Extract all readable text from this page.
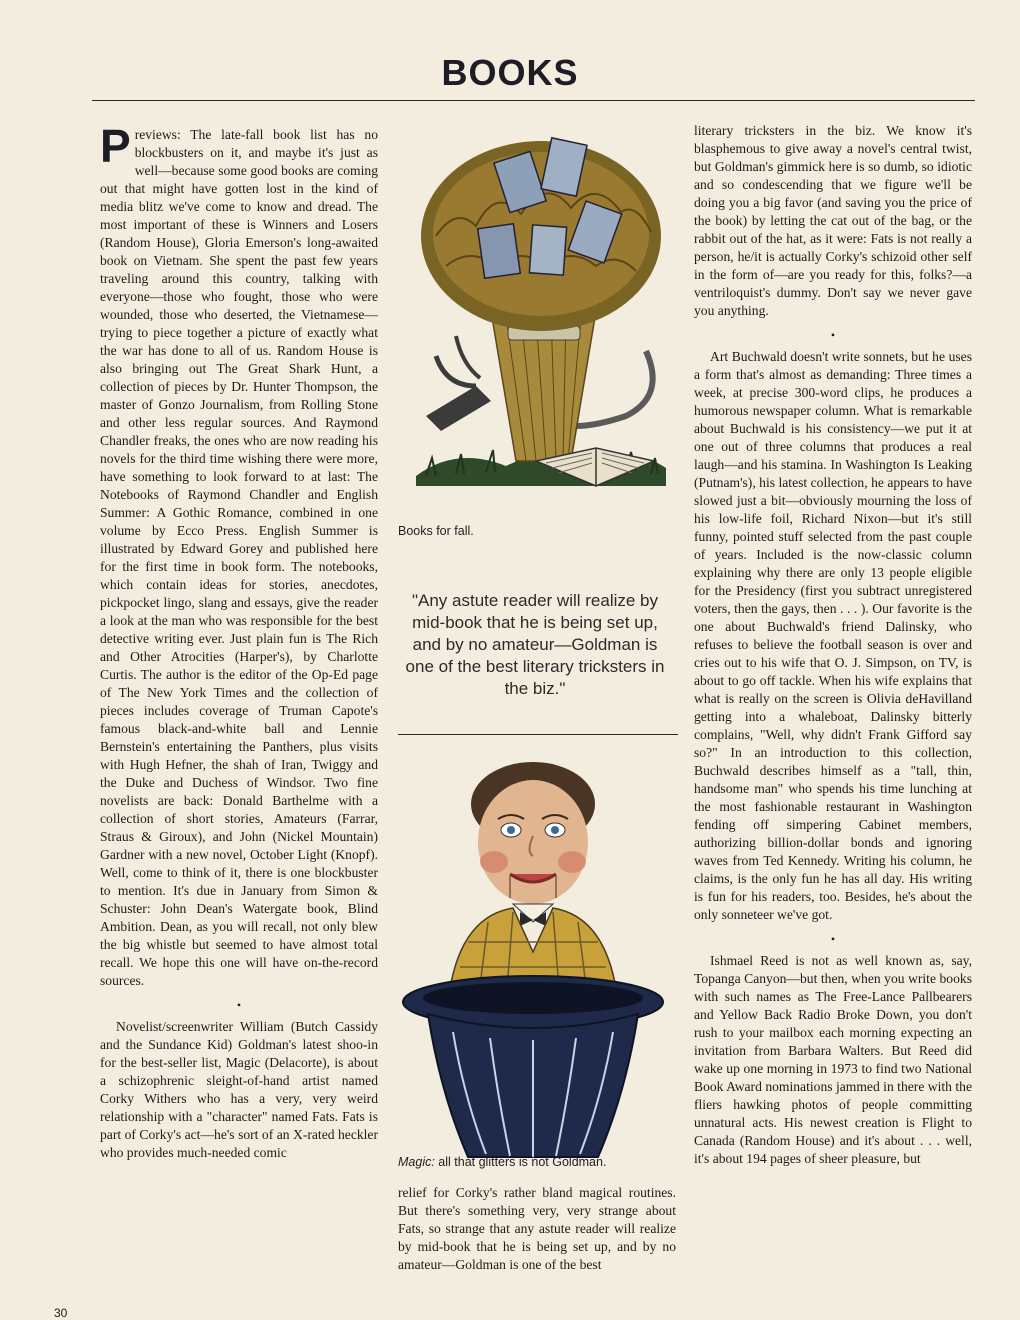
BOOKS

P reviews: The late-fall book list has no blockbusters on it, and maybe it's just as well—because some good books are coming out that might have gotten lost in the kind of media blitz we've come to know and dread. The most important of these is Winners and Losers (Random House), Gloria Emerson's long-awaited book on Vietnam. She spent the past few years traveling around this country, talking with everyone—those who fought, those who were wounded, those who deserted, the Vietnamese—trying to piece together a picture of exactly what the war has done to all of us. Random House is also bringing out The Great Shark Hunt, a collection of pieces by Dr. Hunter Thompson, the master of Gonzo Journalism, from Rolling Stone and other less regular sources. And Raymond Chandler freaks, the ones who are now reading his novels for the third time wishing there were more, have something to look forward to at last: The Notebooks of Raymond Chandler and English Summer: A Gothic Romance, combined in one volume by Ecco Press. English Summer is illustrated by Edward Gorey and published here for the first time in book form. The notebooks, which contain ideas for stories, anecdotes, pickpocket lingo, slang and essays, give the reader a look at the man who was responsible for the best detective writing ever. Just plain fun is The Rich and Other Atrocities (Harper's), by Charlotte Curtis. The author is the editor of the Op-Ed page of The New York Times and the collection of pieces includes coverage of Truman Capote's famous black-and-white ball and Lennie Bernstein's entertaining the Panthers, plus visits with Hugh Hefner, the shah of Iran, Twiggy and the Duke and Duchess of Windsor. Two fine novelists are back: Donald Barthelme with a collection of short stories, Amateurs (Farrar, Straus & Giroux), and John (Nickel Mountain) Gardner with a new novel, October Light (Knopf). Well, come to think of it, there is one blockbuster to mention. It's due in January from Simon & Schuster: John Dean's Watergate book, Blind Ambition. Dean, as you will recall, not only blew the big whistle but seemed to have almost total recall. We hope this one will have on-the-record sources.

•

Novelist/screenwriter William (Butch Cassidy and the Sundance Kid) Goldman's latest shoo-in for the best-seller list, Magic (Delacorte), is about a schizophrenic sleight-of-hand artist named Corky Withers who has a very, very weird relationship with a "character" named Fats. Fats is part of Corky's act—he's sort of an X-rated heckler who provides much-needed comic

Books for fall.
"Any astute reader will realize by mid-book that he is being set up, and by no amateur—Goldman is one of the best literary tricksters in the biz."
Magic: all that glitters is not Goldman.

relief for Corky's rather bland magical routines. But there's something very, very strange about Fats, so strange that any astute reader will realize by mid-book that he is being set up, and by no amateur—Goldman is one of the best

literary tricksters in the biz. We know it's blasphemous to give away a novel's central twist, but Goldman's gimmick here is so dumb, so idiotic and so condescending that we figure we'll be doing you a big favor (and saving you the price of the book) by letting the cat out of the bag, or the rabbit out of the hat, as it were: Fats is not really a person, he/it is actually Corky's schizoid other self in the form of—are you ready for this, folks?—a ventriloquist's dummy. Don't say we never gave you anything.

•

Art Buchwald doesn't write sonnets, but he uses a form that's almost as demanding: Three times a week, at precise 300-word clips, he produces a humorous newspaper column. What is remarkable about Buchwald is his consistency—we put it at one out of three columns that produces a real laugh—and his stamina. In Washington Is Leaking (Putnam's), his latest collection, he appears to have slowed just a bit—obviously mourning the loss of his low-life foil, Richard Nixon—but it's still funny, pointed stuff selected from the past couple of years. Included is the now-classic column explaining why there are only 13 people eligible for the Presidency (first you subtract unregistered voters, then the gays, then . . . ). Our favorite is the one about Buchwald's friend Dalinsky, who refuses to believe the football season is over and cries out to his wife that O. J. Simpson, on TV, is about to go off tackle. When his wife explains that what is really on the screen is Olivia deHavilland getting into a whaleboat, Dalinsky bitterly complains, "Well, why didn't Frank Gifford say so?" In an introduction to this collection, Buchwald describes himself as a "tall, thin, handsome man" who spends his time lunching at the most fashionable restaurant in Washington fending off simpering Cabinet members, authorizing billion-dollar bonds and ignoring waves from Ted Kennedy. Writing his column, he claims, is the only fun he has all day. His writing is fun for his readers, too. Besides, he's about the only sonneteer we've got.

•

Ishmael Reed is not as well known as, say, Topanga Canyon—but then, when you write books with such names as The Free-Lance Pallbearers and Yellow Back Radio Broke Down, you don't rush to your mailbox each morning expecting an invitation from Barbara Walters. But Reed did wake up one morning in 1973 to find two National Book Award nominations jammed in there with the fliers hawking photos of people committing unnatural acts. His newest creation is Flight to Canada (Random House) and it's about . . . well, it's about 194 pages of sheer pleasure, but

30
